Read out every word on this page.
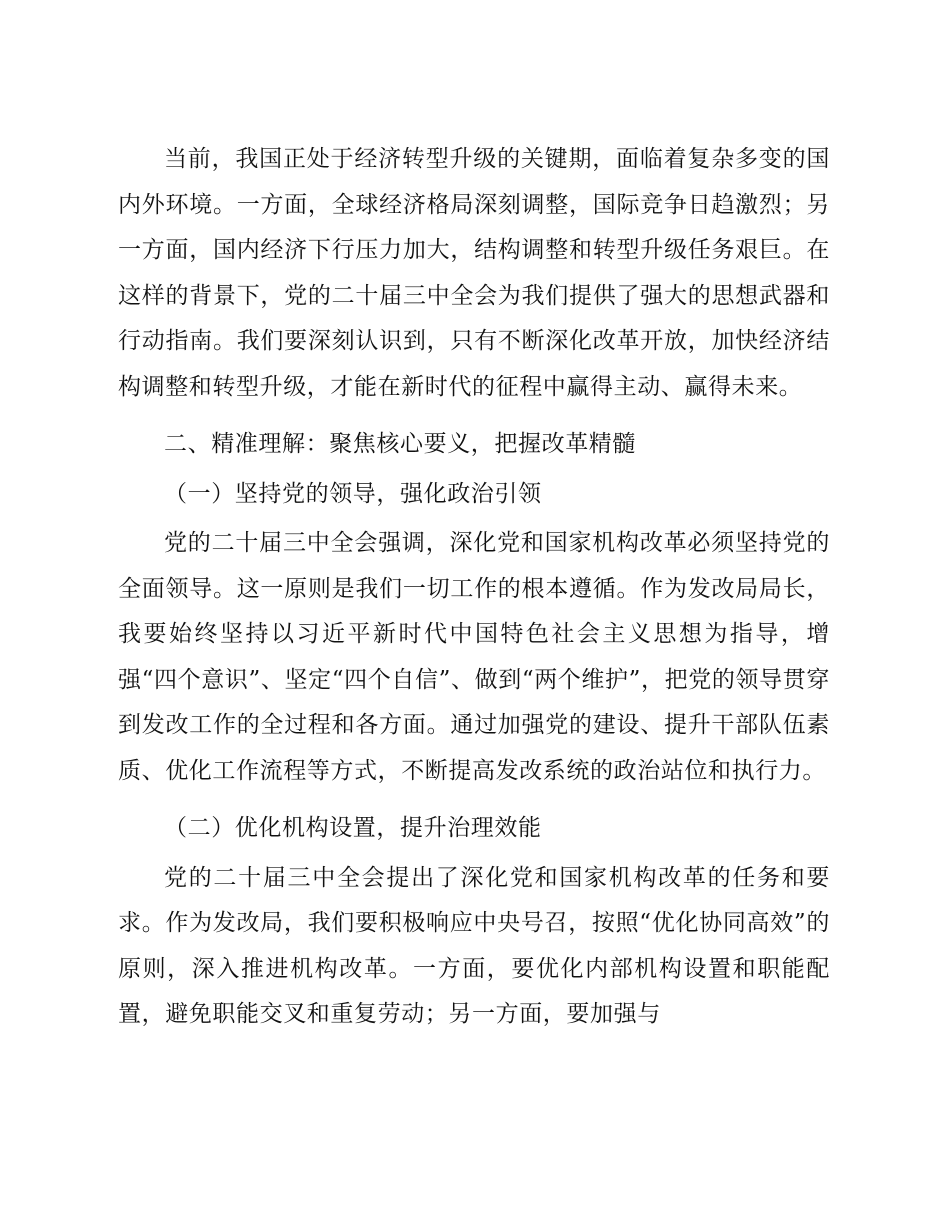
当前，我国正处于经济转型升级的关键期，面临着复杂多变的国内外环境。一方面，全球经济格局深刻调整，国际竞争日趋激烈；另一方面，国内经济下行压力加大，结构调整和转型升级任务艰巨。在这样的背景下，党的二十届三中全会为我们提供了强大的思想武器和行动指南。我们要深刻认识到，只有不断深化改革开放，加快经济结构调整和转型升级，才能在新时代的征程中赢得主动、赢得未来。

二、精准理解：聚焦核心要义，把握改革精髓

（一）坚持党的领导，强化政治引领

党的二十届三中全会强调，深化党和国家机构改革必须坚持党的全面领导。这一原则是我们一切工作的根本遵循。作为发改局局长，我要始终坚持以习近平新时代中国特色社会主义思想为指导，增强“四个意识”、坚定“四个自信”、做到“两个维护”，把党的领导贯穿到发改工作的全过程和各方面。通过加强党的建设、提升干部队伍素质、优化工作流程等方式，不断提高发改系统的政治站位和执行力。

（二）优化机构设置，提升治理效能

党的二十届三中全会提出了深化党和国家机构改革的任务和要求。作为发改局，我们要积极响应中央号召，按照“优化协同高效”的原则，深入推进机构改革。一方面，要优化内部机构设置和职能配置，避免职能交叉和重复劳动；另一方面，要加强与
